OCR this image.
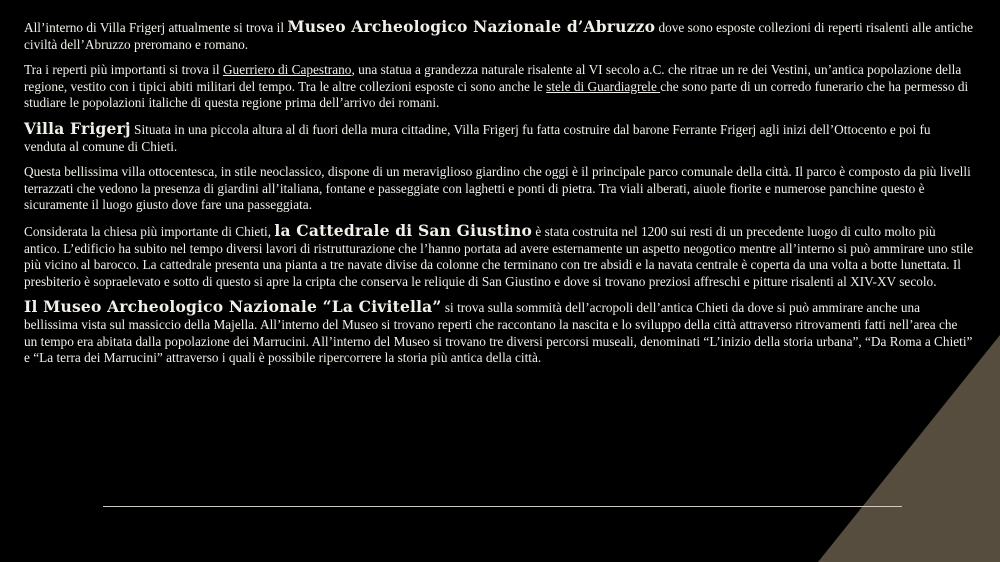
All’interno di Villa Frigerj attualmente si trova il Museo Archeologico Nazionale d’Abruzzo dove sono esposte collezioni di reperti risalenti alle antiche civiltà dell’Abruzzo preromano e romano.

Tra i reperti più importanti si trova il Guerriero di Capestrano, una statua a grandezza naturale risalente al VI secolo a.C. che ritrae un re dei Vestini, un’antica popolazione della regione, vestito con i tipici abiti militari del tempo. Tra le altre collezioni esposte ci sono anche le stele di Guardiagrele che sono parte di un corredo funerario che ha permesso di studiare le popolazioni italiche di questa regione prima dell’arrivo dei romani.

Villa Frigerj Situata in una piccola altura al di fuori della mura cittadine, Villa Frigerj fu fatta costruire dal barone Ferrante Frigerj agli inizi dell’Ottocento e poi fu venduta al comune di Chieti.

Questa bellissima villa ottocentesca, in stile neoclassico, dispone di un meraviglioso giardino che oggi è il principale parco comunale della città. Il parco è composto da più livelli terrazzati che vedono la presenza di giardini all’italiana, fontane e passeggiate con laghetti e ponti di pietra. Tra viali alberati, aiuole fiorite e numerose panchine questo è sicuramente il luogo giusto dove fare una passeggiata.

Considerata la chiesa più importante di Chieti, la Cattedrale di San Giustino è stata costruita nel 1200 sui resti di un precedente luogo di culto molto più antico. L’edificio ha subito nel tempo diversi lavori di ristrutturazione che l’hanno portata ad avere esternamente un aspetto neogotico mentre all’interno si può ammirare uno stile più vicino al barocco. La cattedrale presenta una pianta a tre navate divise da colonne che terminano con tre absidi e la navata centrale è coperta da una volta a botte lunettata. Il presbiterio è sopraelevato e sotto di questo si apre la cripta che conserva le reliquie di San Giustino e dove si trovano preziosi affreschi e pitture risalenti al XIV-XV secolo.

Il Museo Archeologico Nazionale “La Civitella” si trova sulla sommità dell’acropoli dell’antica Chieti da dove si può ammirare anche una bellissima vista sul massiccio della Majella. All’interno del Museo si trovano reperti che raccontano la nascita e lo sviluppo della città attraverso ritrovamenti fatti nell’area che un tempo era abitata dalla popolazione dei Marrucini. All’interno del Museo si trovano tre diversi percorsi museali, denominati “L’inizio della storia urbana”, “Da Roma a Chieti” e “La terra dei Marrucini” attraverso i quali è possibile ripercorrere la storia più antica della città.
